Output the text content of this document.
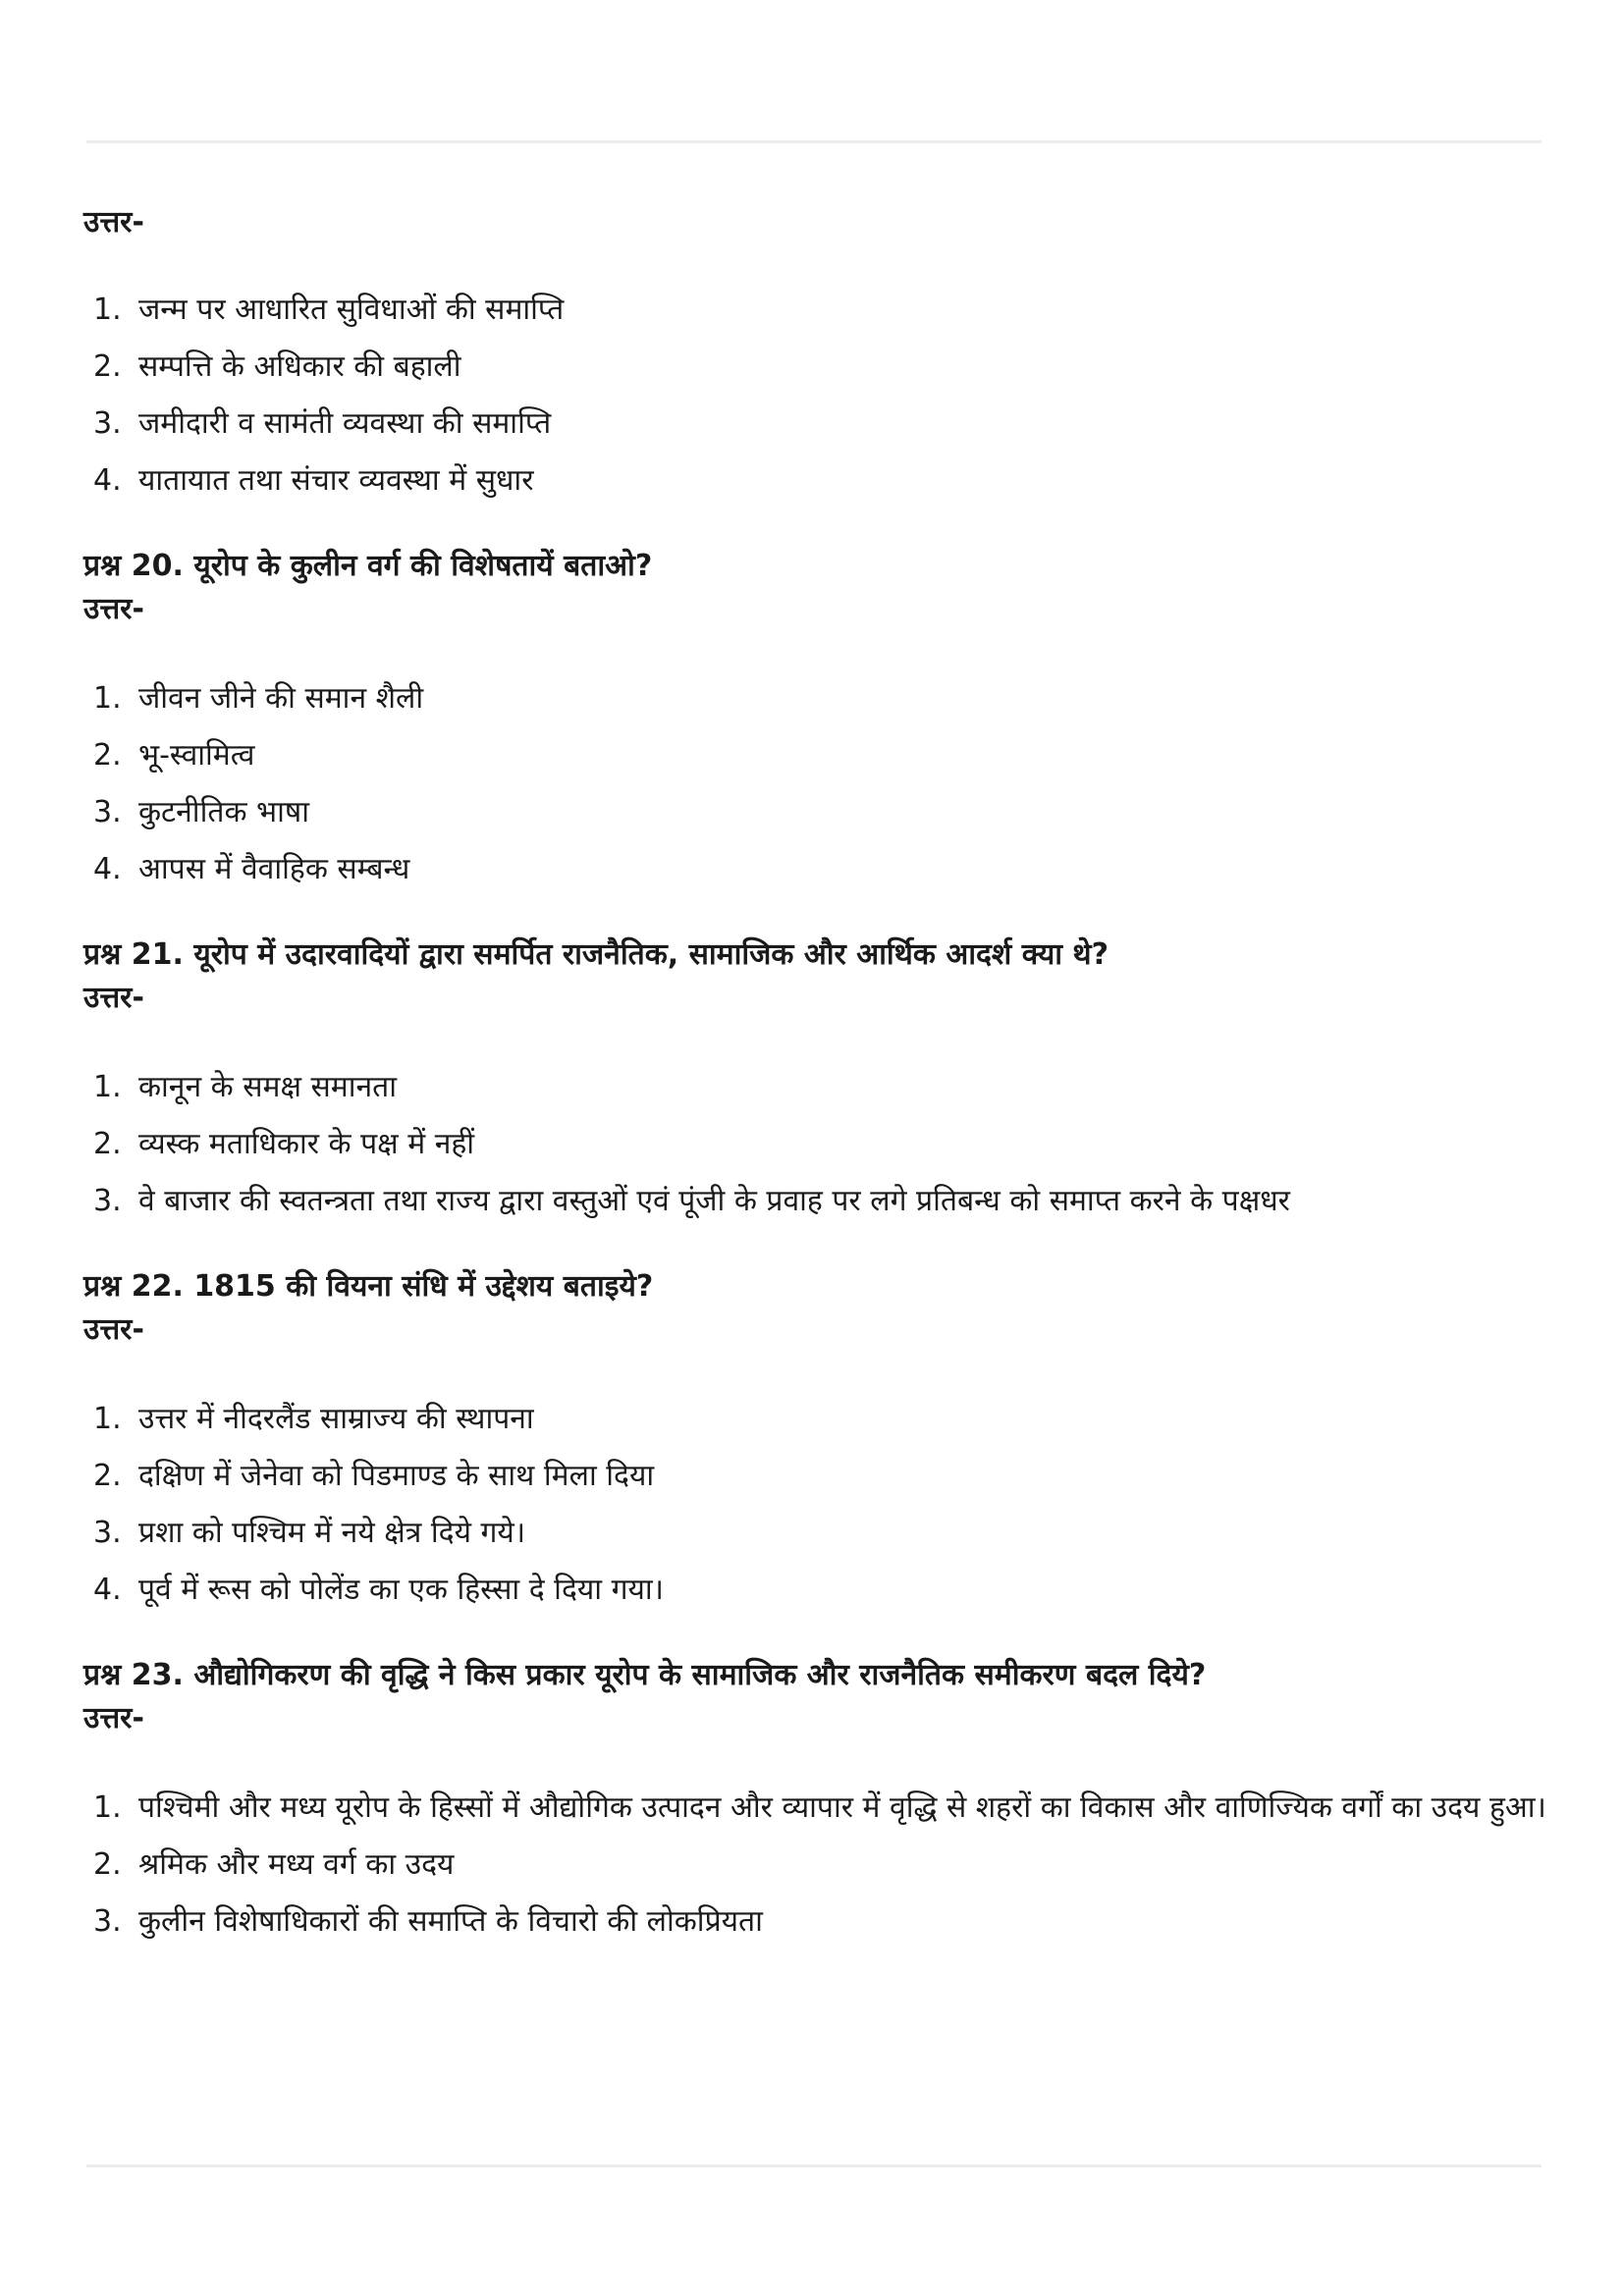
उत्तर-

1. जन्म पर आधारित सुविधाओं की समाप्ति
2. सम्पत्ति के अधिकार की बहाली
3. जमीदारी व सामंती व्यवस्था की समाप्ति
4. यातायात तथा संचार व्यवस्था में सुधार

प्रश्न 20. यूरोप के कुलीन वर्ग की विशेषतायें बताओ?

उत्तर-

1. जीवन जीने की समान शैली
2. भू-स्वामित्व
3. कुटनीतिक भाषा
4. आपस में वैवाहिक सम्बन्ध

प्रश्न 21. यूरोप में उदारवादियों द्वारा समर्पित राजनैतिक, सामाजिक और आर्थिक आदर्श क्या थे?

उत्तर-

1. कानून के समक्ष समानता
2. व्यस्क मताधिकार के पक्ष में नहीं
3. वे बाजार की स्वतन्त्रता तथा राज्य द्वारा वस्तुओं एवं पूंजी के प्रवाह पर लगे प्रतिबन्ध को समाप्त करने के पक्षधर

प्रश्न 22. 1815 की वियना संधि में उद्देशय बताइये?

उत्तर-

1. उत्तर में नीदरलैंड साम्राज्य की स्थापना
2. दक्षिण में जेनेवा को पिडमाण्ड के साथ मिला दिया
3. प्रशा को पश्चिम में नये क्षेत्र दिये गये।
4. पूर्व में रूस को पोलेंड का एक हिस्सा दे दिया गया।

प्रश्न 23. औद्योगिकरण की वृद्धि ने किस प्रकार यूरोप के सामाजिक और राजनैतिक समीकरण बदल दिये?

उत्तर-

1. पश्चिमी और मध्य यूरोप के हिस्सों में औद्योगिक उत्पादन और व्यापार में वृद्धि से शहरों का विकास और वाणिज्यिक वर्गों का उदय हुआ।
2. श्रमिक और मध्य वर्ग का उदय
3. कुलीन विशेषाधिकारों की समाप्ति के विचारो की लोकप्रियता
